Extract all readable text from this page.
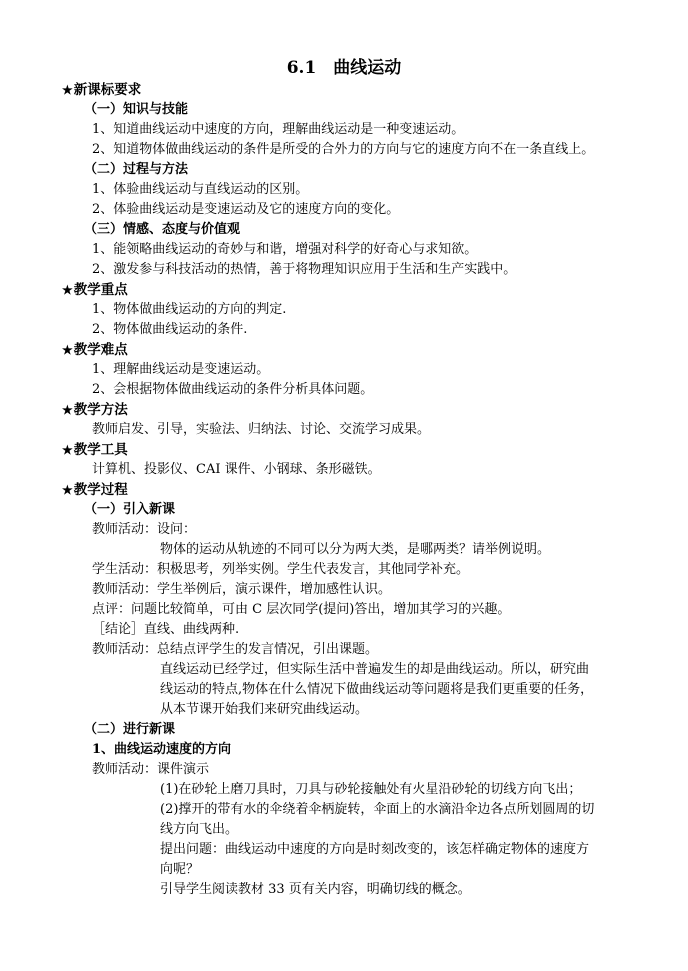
6.1　曲线运动
★新课标要求
（一）知识与技能
1、知道曲线运动中速度的方向，理解曲线运动是一种变速运动。
2、知道物体做曲线运动的条件是所受的合外力的方向与它的速度方向不在一条直线上。
（二）过程与方法
1、体验曲线运动与直线运动的区别。
2、体验曲线运动是变速运动及它的速度方向的变化。
（三）情感、态度与价值观
1、能领略曲线运动的奇妙与和谐，增强对科学的好奇心与求知欲。
2、激发参与科技活动的热情，善于将物理知识应用于生活和生产实践中。
★教学重点
1、物体做曲线运动的方向的判定.
2、物体做曲线运动的条件.
★教学难点
1、理解曲线运动是变速运动。
2、会根据物体做曲线运动的条件分析具体问题。
★教学方法
教师启发、引导，实验法、归纳法、讨论、交流学习成果。
★教学工具
计算机、投影仪、CAI 课件、小钢球、条形磁铁。
★教学过程
（一）引入新课
教师活动：设问：
物体的运动从轨迹的不同可以分为两大类，是哪两类？请举例说明。
学生活动：积极思考，列举实例。学生代表发言，其他同学补充。
教师活动：学生举例后，演示课件，增加感性认识。
点评：问题比较简单，可由 C 层次同学(提问)答出，增加其学习的兴趣。
［结论］直线、曲线两种.
教师活动：总结点评学生的发言情况，引出课题。
直线运动已经学过，但实际生活中普遍发生的却是曲线运动。所以，研究曲
线运动的特点,物体在什么情况下做曲线运动等问题将是我们更重要的任务，
从本节课开始我们来研究曲线运动。
（二）进行新课
1、曲线运动速度的方向
教师活动：课件演示
(1)在砂轮上磨刀具时，刀具与砂轮接触处有火星沿砂轮的切线方向飞出；
(2)撑开的带有水的伞绕着伞柄旋转，伞面上的水滴沿伞边各点所划圆周的切
线方向飞出。
提出问题：曲线运动中速度的方向是时刻改变的，该怎样确定物体的速度方
向呢？
引导学生阅读教材 33 页有关内容，明确切线的概念。
